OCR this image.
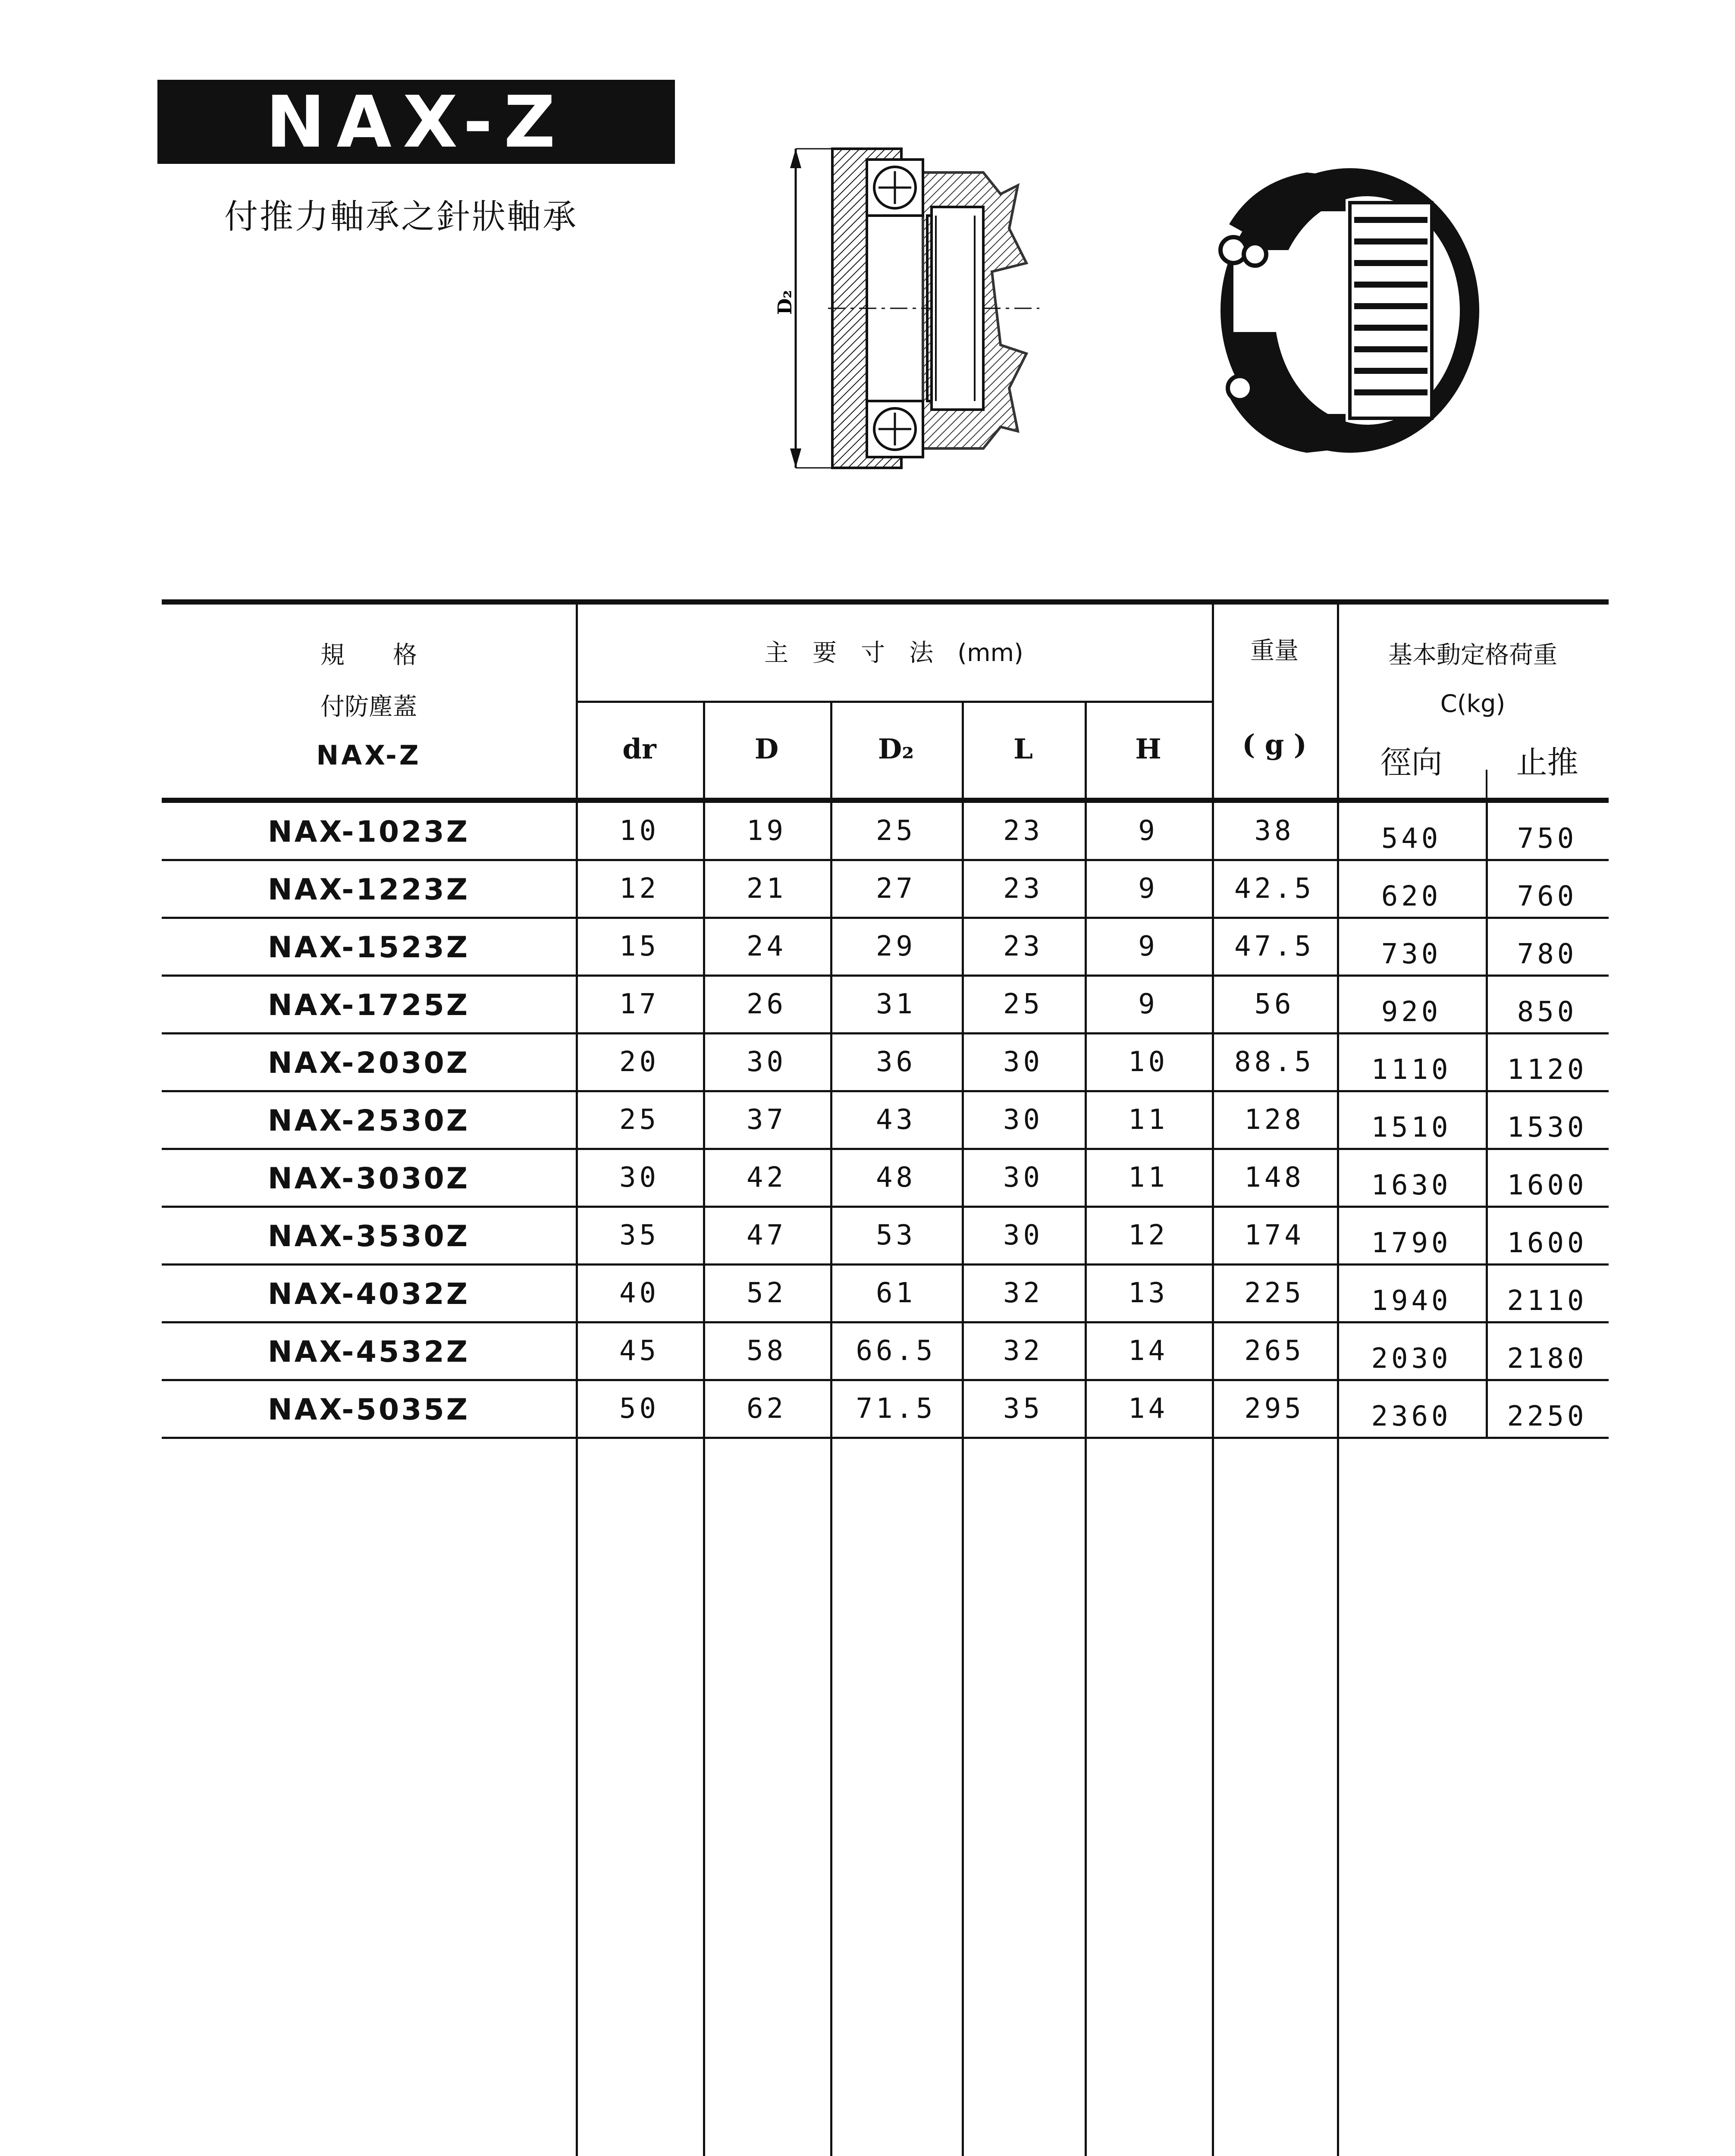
NAX-Z
付推力軸承之針狀軸承
D₂
規　　格
付防塵蓋
NAX-Z
主　要　寸　法　(mm)	重量
( g )
基本動定格荷重
C(kg)
徑向	止推
dr	D	D₂	L	H
NAX-1023Z	10	19	25	23	9	38	540	750
NAX-1223Z	12	21	27	23	9	42.5	620	760
NAX-1523Z	15	24	29	23	9	47.5	730	780
NAX-1725Z	17	26	31	25	9	56	920	850
NAX-2030Z	20	30	36	30	10	88.5	1110	1120
NAX-2530Z	25	37	43	30	11	128	1510	1530
NAX-3030Z	30	42	48	30	11	148	1630	1600
NAX-3530Z	35	47	53	30	12	174	1790	1600
NAX-4032Z	40	52	61	32	13	225	1940	2110
NAX-4532Z	45	58	66.5	32	14	265	2030	2180
NAX-5035Z	50	62	71.5	35	14	295	2360	2250
